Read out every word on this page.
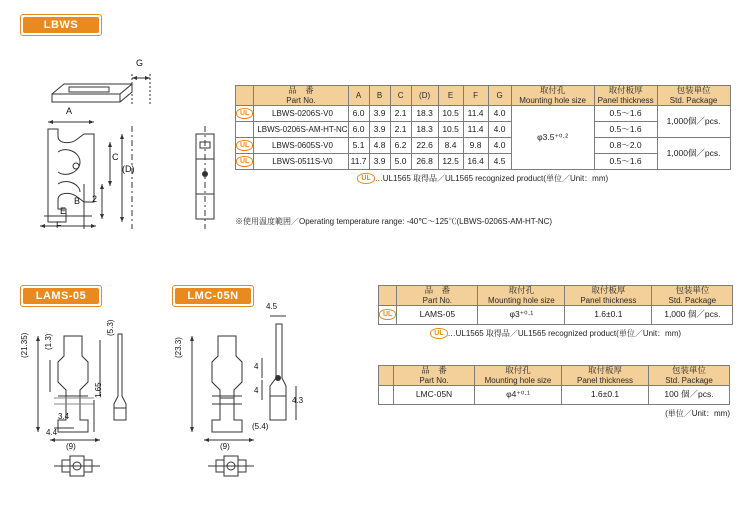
LBWS
G
A
C
(D)
2
B
E
F

	品　番
Part No.	A	B	C	(D)	E	F	G	取付孔
Mounting hole size	取付板厚
Panel thickness	包装単位
Std. Package

UL	LBWS-0206S-V0	6.0	3.9	2.1	18.3	10.5	11.4	4.0	φ3.5⁺⁰·²	0.5〜1.6	1,000個／pcs.
	LBWS-0206S-AM-HT-NC	6.0	3.9	2.1	18.3	10.5	11.4	4.0		0.5〜1.6	
UL	LBWS-0605S-V0	5.1	4.8	6.2	22.6	8.4	9.8	4.0		0.8〜2.0	1,000個／pcs.
UL	LBWS-0511S-V0	11.7	3.9	5.0	26.8	12.5	16.4	4.5		0.5〜1.6	
UL …UL1565 取得品／UL1565 recognized product (単位／Unit：mm)
※使用温度範囲／Operating temperature range: -40℃〜125℃(LBWS-0206S-AM-HT-NC)
LAMS-05	LMC-05N
(21.35) (1.3)
(5.3)
1.65
3.4
4.4
(9)
(23.3)
4.5
4
4
4.3
(5.4)
(9)

	品　番
Part No.	取付孔
Mounting hole size	取付板厚
Panel thickness	包装単位
Std. Package

UL	LAMS-05	φ3⁺⁰·¹	1.6±0.1	1,000 個／pcs.
UL …UL1565 取得品／UL1565 recognized product (単位／Unit：mm)

	品　番
Part No.	取付孔
Mounting hole size	取付板厚
Panel thickness	包装単位
Std. Package

	LMC-05N	φ4⁺⁰·¹	1.6±0.1	100 個／pcs.
(単位／Unit：mm)
